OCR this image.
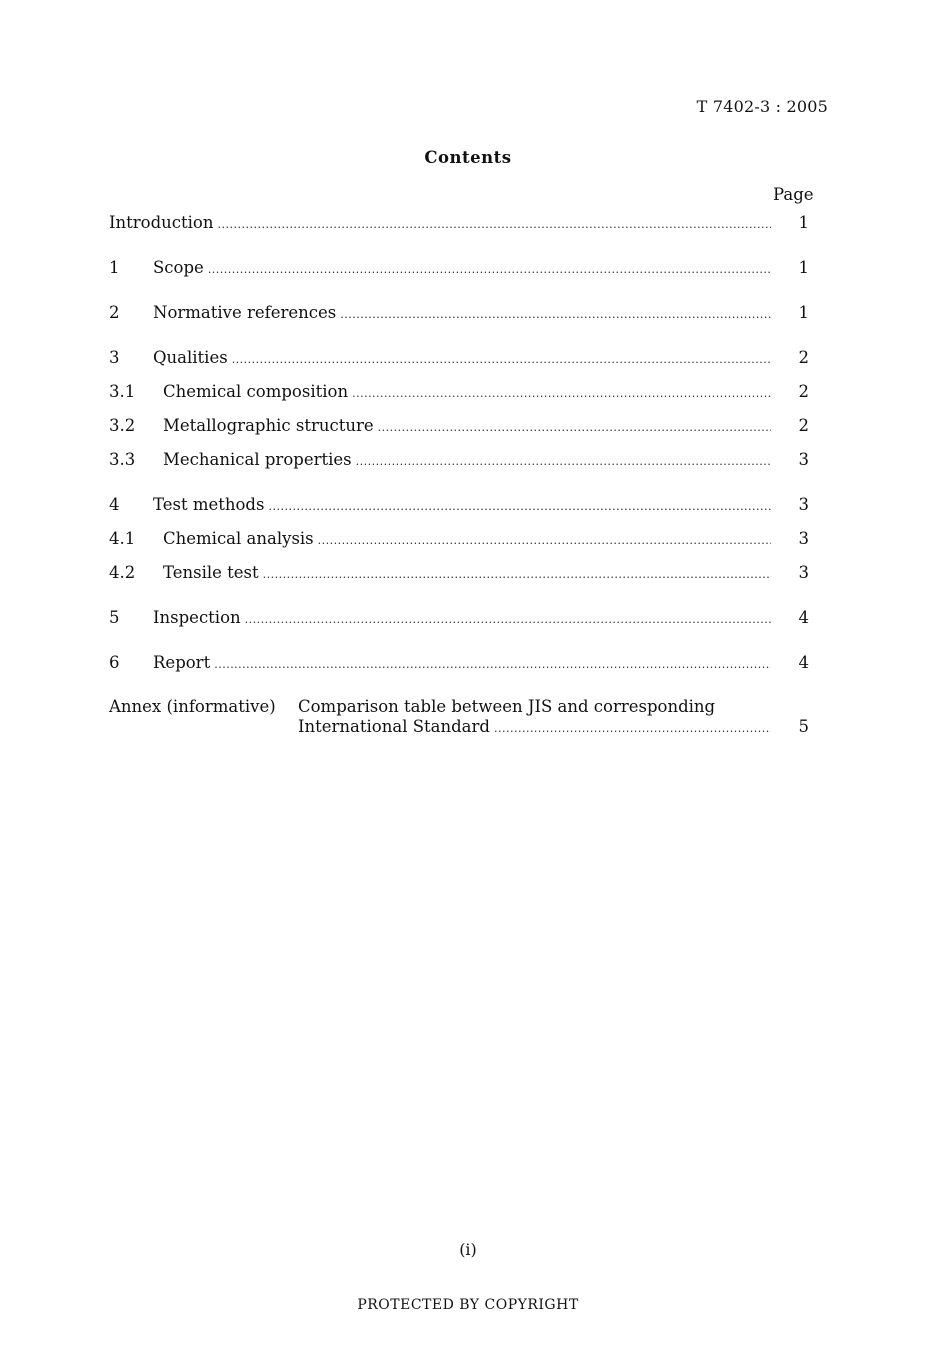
T 7402-3 : 2005
Contents
Page
Introduction .....	1
1	Scope .....	1
2	Normative references .....	1
3	Qualities .....	2
3.1	Chemical composition .....	2
3.2	Metallographic structure .....	2
3.3	Mechanical properties .....	3
4	Test methods .....	3
4.1	Chemical analysis .....	3
4.2	Tensile test .....	3
5	Inspection .....	4
6	Report .....	4
Annex (informative)	Comparison table between JIS and corresponding
International Standard .....	5
(i)
PROTECTED BY COPYRIGHT
